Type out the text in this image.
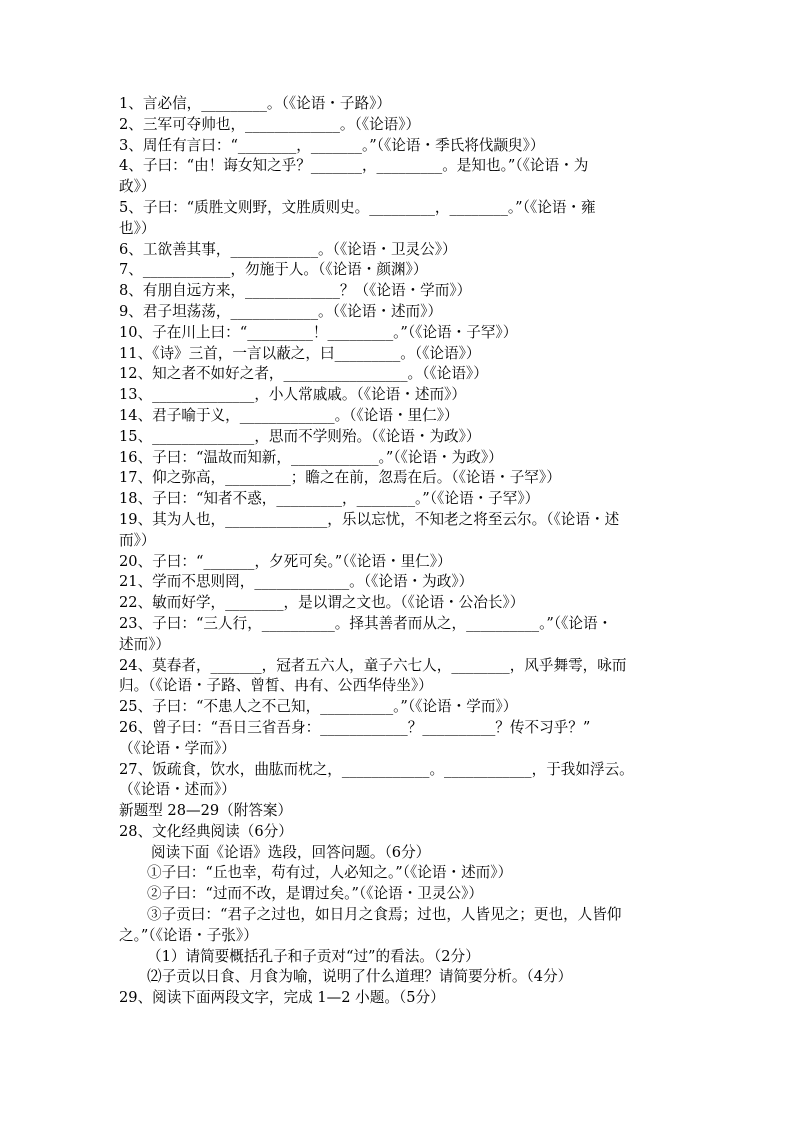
1、言必信，_________。（《论语・子路》）
2、三军可夺帅也，_____________。（《论语》）
3、周任有言曰：“________，_______。”（《论语・季氏将伐颛臾》）
4、子曰：“由！诲女知之乎？_______，_________。是知也。”（《论语・为
政》）
5、子曰：“质胜文则野，文胜质则史。_________，________。”（《论语・雍
也》）
6、工欲善其事，____________。（《论语・卫灵公》）
7、____________，勿施于人。（《论语・颜渊》）
8、有朋自远方来，_____________？（《论语・学而》）
9、君子坦荡荡，____________。（《论语・述而》）
10、子在川上曰：“_________！_________。”（《论语・子罕》）
11、《诗》三首，一言以蔽之，曰_________。（《论语》）
12、知之者不如好之者，_________________。（《论语》）
13、______________，小人常戚戚。（《论语・述而》）
14、君子喻于义，_____________。（《论语・里仁》）
15、______________，思而不学则殆。（《论语・为政》）
16、子曰：“温故而知新，____________。”（《论语・为政》）
17、仰之弥高，_________；瞻之在前，忽焉在后。（《论语・子罕》）
18、子曰：“知者不惑，_________，________。”（《论语・子罕》）
19、其为人也，______________，乐以忘忧，不知老之将至云尔。（《论语・述
而》）
20、子曰：“_______，夕死可矣。”（《论语・里仁》）
21、学而不思则罔，_____________。（《论语・为政》）
22、敏而好学，________，是以谓之文也。（《论语・公冶长》）
23、子曰：“三人行，__________。择其善者而从之，__________。”（《论语・
述而》）
24、莫春者，_______，冠者五六人，童子六七人，________，风乎舞雩，咏而
归。（《论语・子路、曾皙、冉有、公西华侍坐》）
25、子曰：“不患人之不己知，__________。”（《论语・学而》）
26、曾子曰：“吾日三省吾身：____________？__________？传不习乎？”
（《论语・学而》）
27、饭疏食，饮水，曲肱而枕之，____________。____________，于我如浮云。
（《论语・述而》）
新题型 28—29（附答案）
28、文化经典阅读（6分）
阅读下面《论语》选段，回答问题。（6分）
①子曰：“丘也幸，苟有过，人必知之。”（《论语・述而》）
②子曰：“过而不改，是谓过矣。”（《论语・卫灵公》）
③子贡曰：“君子之过也，如日月之食焉；过也，人皆见之；更也，人皆仰
之。”（《论语・子张》）
（1）请简要概括孔子和子贡对“过”的看法。（2分）
⑵子贡以日食、月食为喻，说明了什么道理？请简要分析。（4分）
29、阅读下面两段文字，完成 1—2 小题。（5分）
